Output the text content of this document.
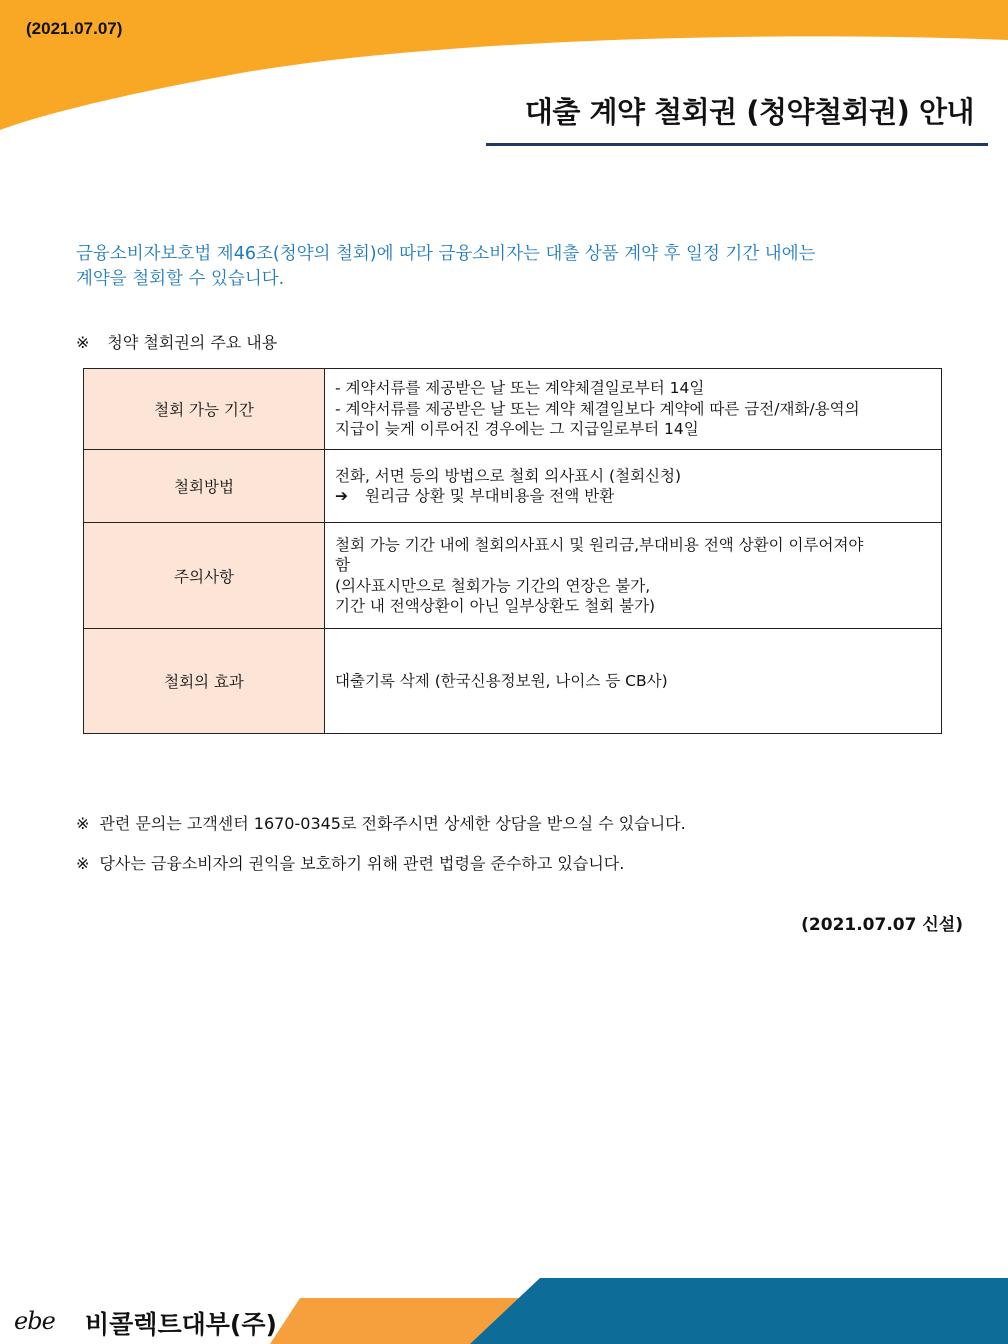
(2021.07.07)
대출 계약 철회권 (청약철회권) 안내
금융소비자보호법 제46조(청약의 철회)에 따라 금융소비자는 대출 상품 계약 후 일정 기간 내에는
계약을 철회할 수 있습니다.
※ 청약 철회권의 주요 내용
철회 가능 기간	- 계약서류를 제공받은 날 또는 계약체결일로부터 14일
- 계약서류를 제공받은 날 또는 계약 체결일보다 계약에 따른 금전/재화/용역의
지급이 늦게 이루어진 경우에는 그 지급일로부터 14일

철회방법	전화, 서면 등의 방법으로 철회 의사표시 (철회신청)
➔ 원리금 상환 및 부대비용을 전액 반환

주의사항	철회 가능 기간 내에 철회의사표시 및 원리금,부대비용 전액 상환이 이루어져야
함
(의사표시만으로 철회가능 기간의 연장은 불가,
기간 내 전액상환이 아닌 일부상환도 철회 불가)

철회의 효과	대출기록 삭제 (한국신용정보원, 나이스 등 CB사)
※ 관련 문의는 고객센터 1670-0345로 전화주시면 상세한 상담을 받으실 수 있습니다.
※ 당사는 금융소비자의 권익을 보호하기 위해 관련 법령을 준수하고 있습니다.
(2021.07.07 신설)
ebe 비콜렉트대부(주)
